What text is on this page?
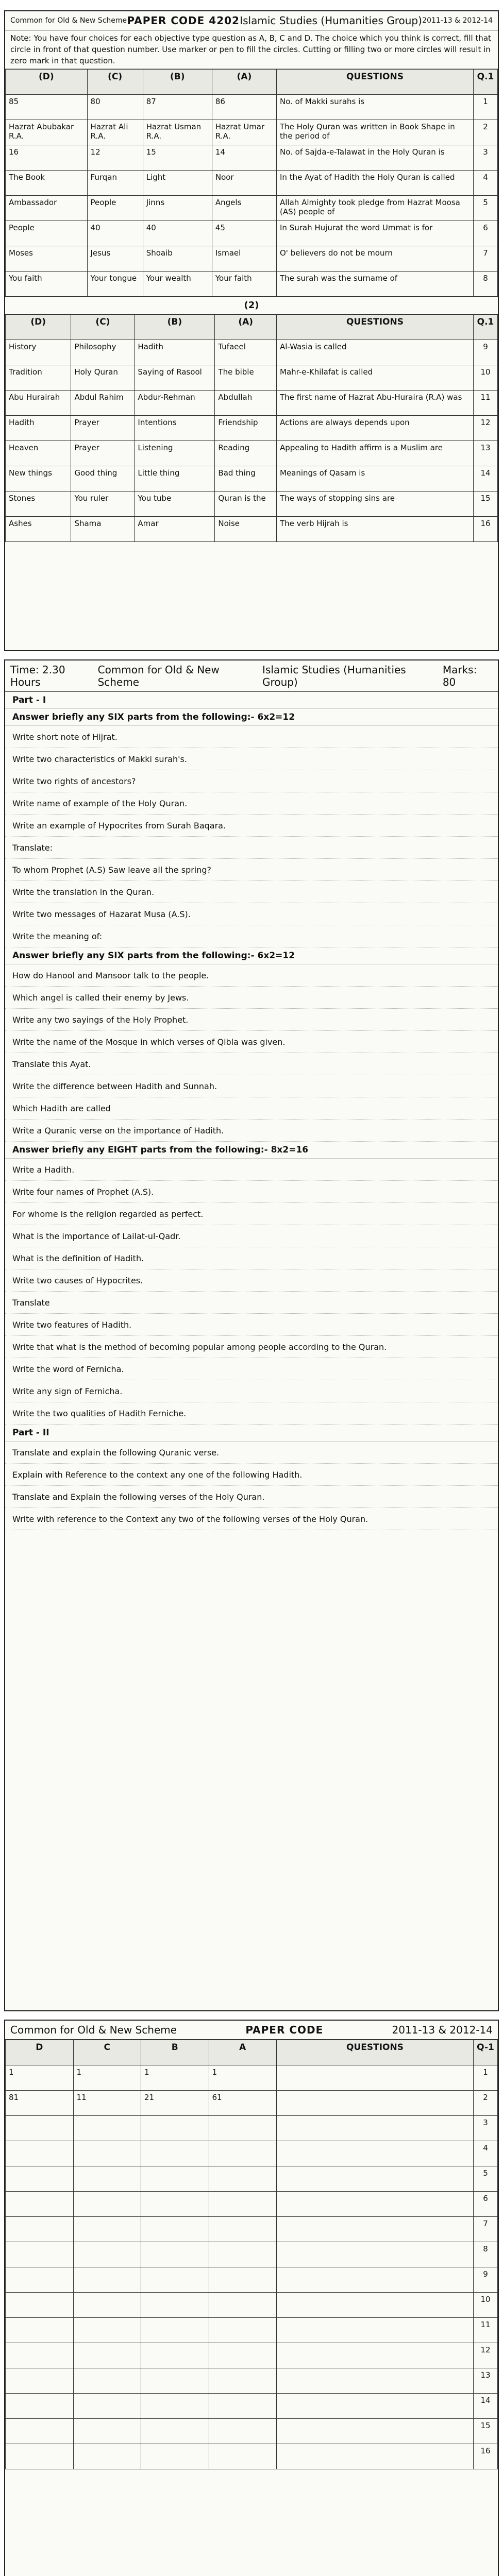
Common for Old & New Scheme PAPER CODE 4202 Islamic Studies (Humanities Group) 2011-13 & 2012-14
Note: You have four choices for each objective type question as A, B, C and D. The choice which you think is correct, fill that circle in front of that question number. Use marker or pen to fill the circles. Cutting or filling two or more circles will result in zero mark in that question.
(D)	(C)	(B)	(A)	QUESTIONS	Q.1
85	80	87	86	No. of Makki surahs is	1
Hazrat Abubakar R.A.	Hazrat Ali R.A.	Hazrat Usman R.A.	Hazrat Umar R.A.	The Holy Quran was written in Book Shape in the period of	2
16	12	15	14	No. of Sajda-e-Talawat in the Holy Quran is	3
The Book	Furqan	Light	Noor	In the Ayat of Hadith the Holy Quran is called	4
Ambassador	People	Jinns	Angels	Allah Almighty took pledge from Hazrat Moosa (AS) people of	5
People	40	40	45	In Surah Hujurat the word Ummat is for	6
Moses	Jesus	Shoaib	Ismael	O' believers do not be mourn	7
You faith	Your tongue	Your wealth	Your faith	The surah was the surname of	8
(2)
(D)	(C)	(B)	(A)	QUESTIONS	Q.1
History	Philosophy	Hadith	Tufaeel	Al-Wasia is called	9
Tradition	Holy Quran	Saying of Rasool	The bible	Mahr-e-Khilafat is called	10
Abu Hurairah	Abdul Rahim	Abdur-Rehman	Abdullah	The first name of Hazrat Abu-Huraira (R.A) was	11
Hadith	Prayer	Intentions	Friendship	Actions are always depends upon	12
Heaven	Prayer	Listening	Reading	Appealing to Hadith affirm is a Muslim are	13
New things	Good thing	Little thing	Bad thing	Meanings of Qasam is	14
Stones	You ruler	You tube	Quran is the	The ways of stopping sins are	15
Ashes	Shama	Amar	Noise	The verb Hijrah is	16
Time: 2.30 Hours
Common for Old & New Scheme
Islamic Studies (Humanities Group)
Marks: 80
Part - I
Answer briefly any SIX parts from the following:- 6x2=12
Write short note of Hijrat.
Write two characteristics of Makki surah's.
Write two rights of ancestors?
Write name of example of the Holy Quran.
Write an example of Hypocrites from Surah Baqara.
Translate:
To whom Prophet (A.S) Saw leave all the spring?
Write the translation in the Quran.
Write two messages of Hazarat Musa (A.S).
Write the meaning of:
Answer briefly any SIX parts from the following:- 6x2=12
How do Hanool and Mansoor talk to the people.
Which angel is called their enemy by Jews.
Write any two sayings of the Holy Prophet.
Write the name of the Mosque in which verses of Qibla was given.
Translate this Ayat.
Write the difference between Hadith and Sunnah.
Which Hadith are called
Write a Quranic verse on the importance of Hadith.
Answer briefly any EIGHT parts from the following:- 8x2=16
Write a Hadith.
Write four names of Prophet (A.S).
For whome is the religion regarded as perfect.
What is the importance of Lailat-ul-Qadr.
What is the definition of Hadith.
Write two causes of Hypocrites.
Translate
Write two features of Hadith.
Write that what is the method of becoming popular among people according to the Quran.
Write the word of Fernicha.
Write any sign of Fernicha.
Write the two qualities of Hadith Ferniche.
Part - II
Translate and explain the following Quranic verse.
Explain with Reference to the context any one of the following Hadith.
Translate and Explain the following verses of the Holy Quran.
Write with reference to the Context any two of the following verses of the Holy Quran.
Common for Old & New Scheme	PAPER CODE	2011-13 & 2012-14
D	C	B	A	QUESTIONS	Q-1
1	1	1	1		1
81	11	21	61		2
					3
					4
					5
					6
					7
					8
					9
					10
					11
					12
					13
					14
					15
					16
